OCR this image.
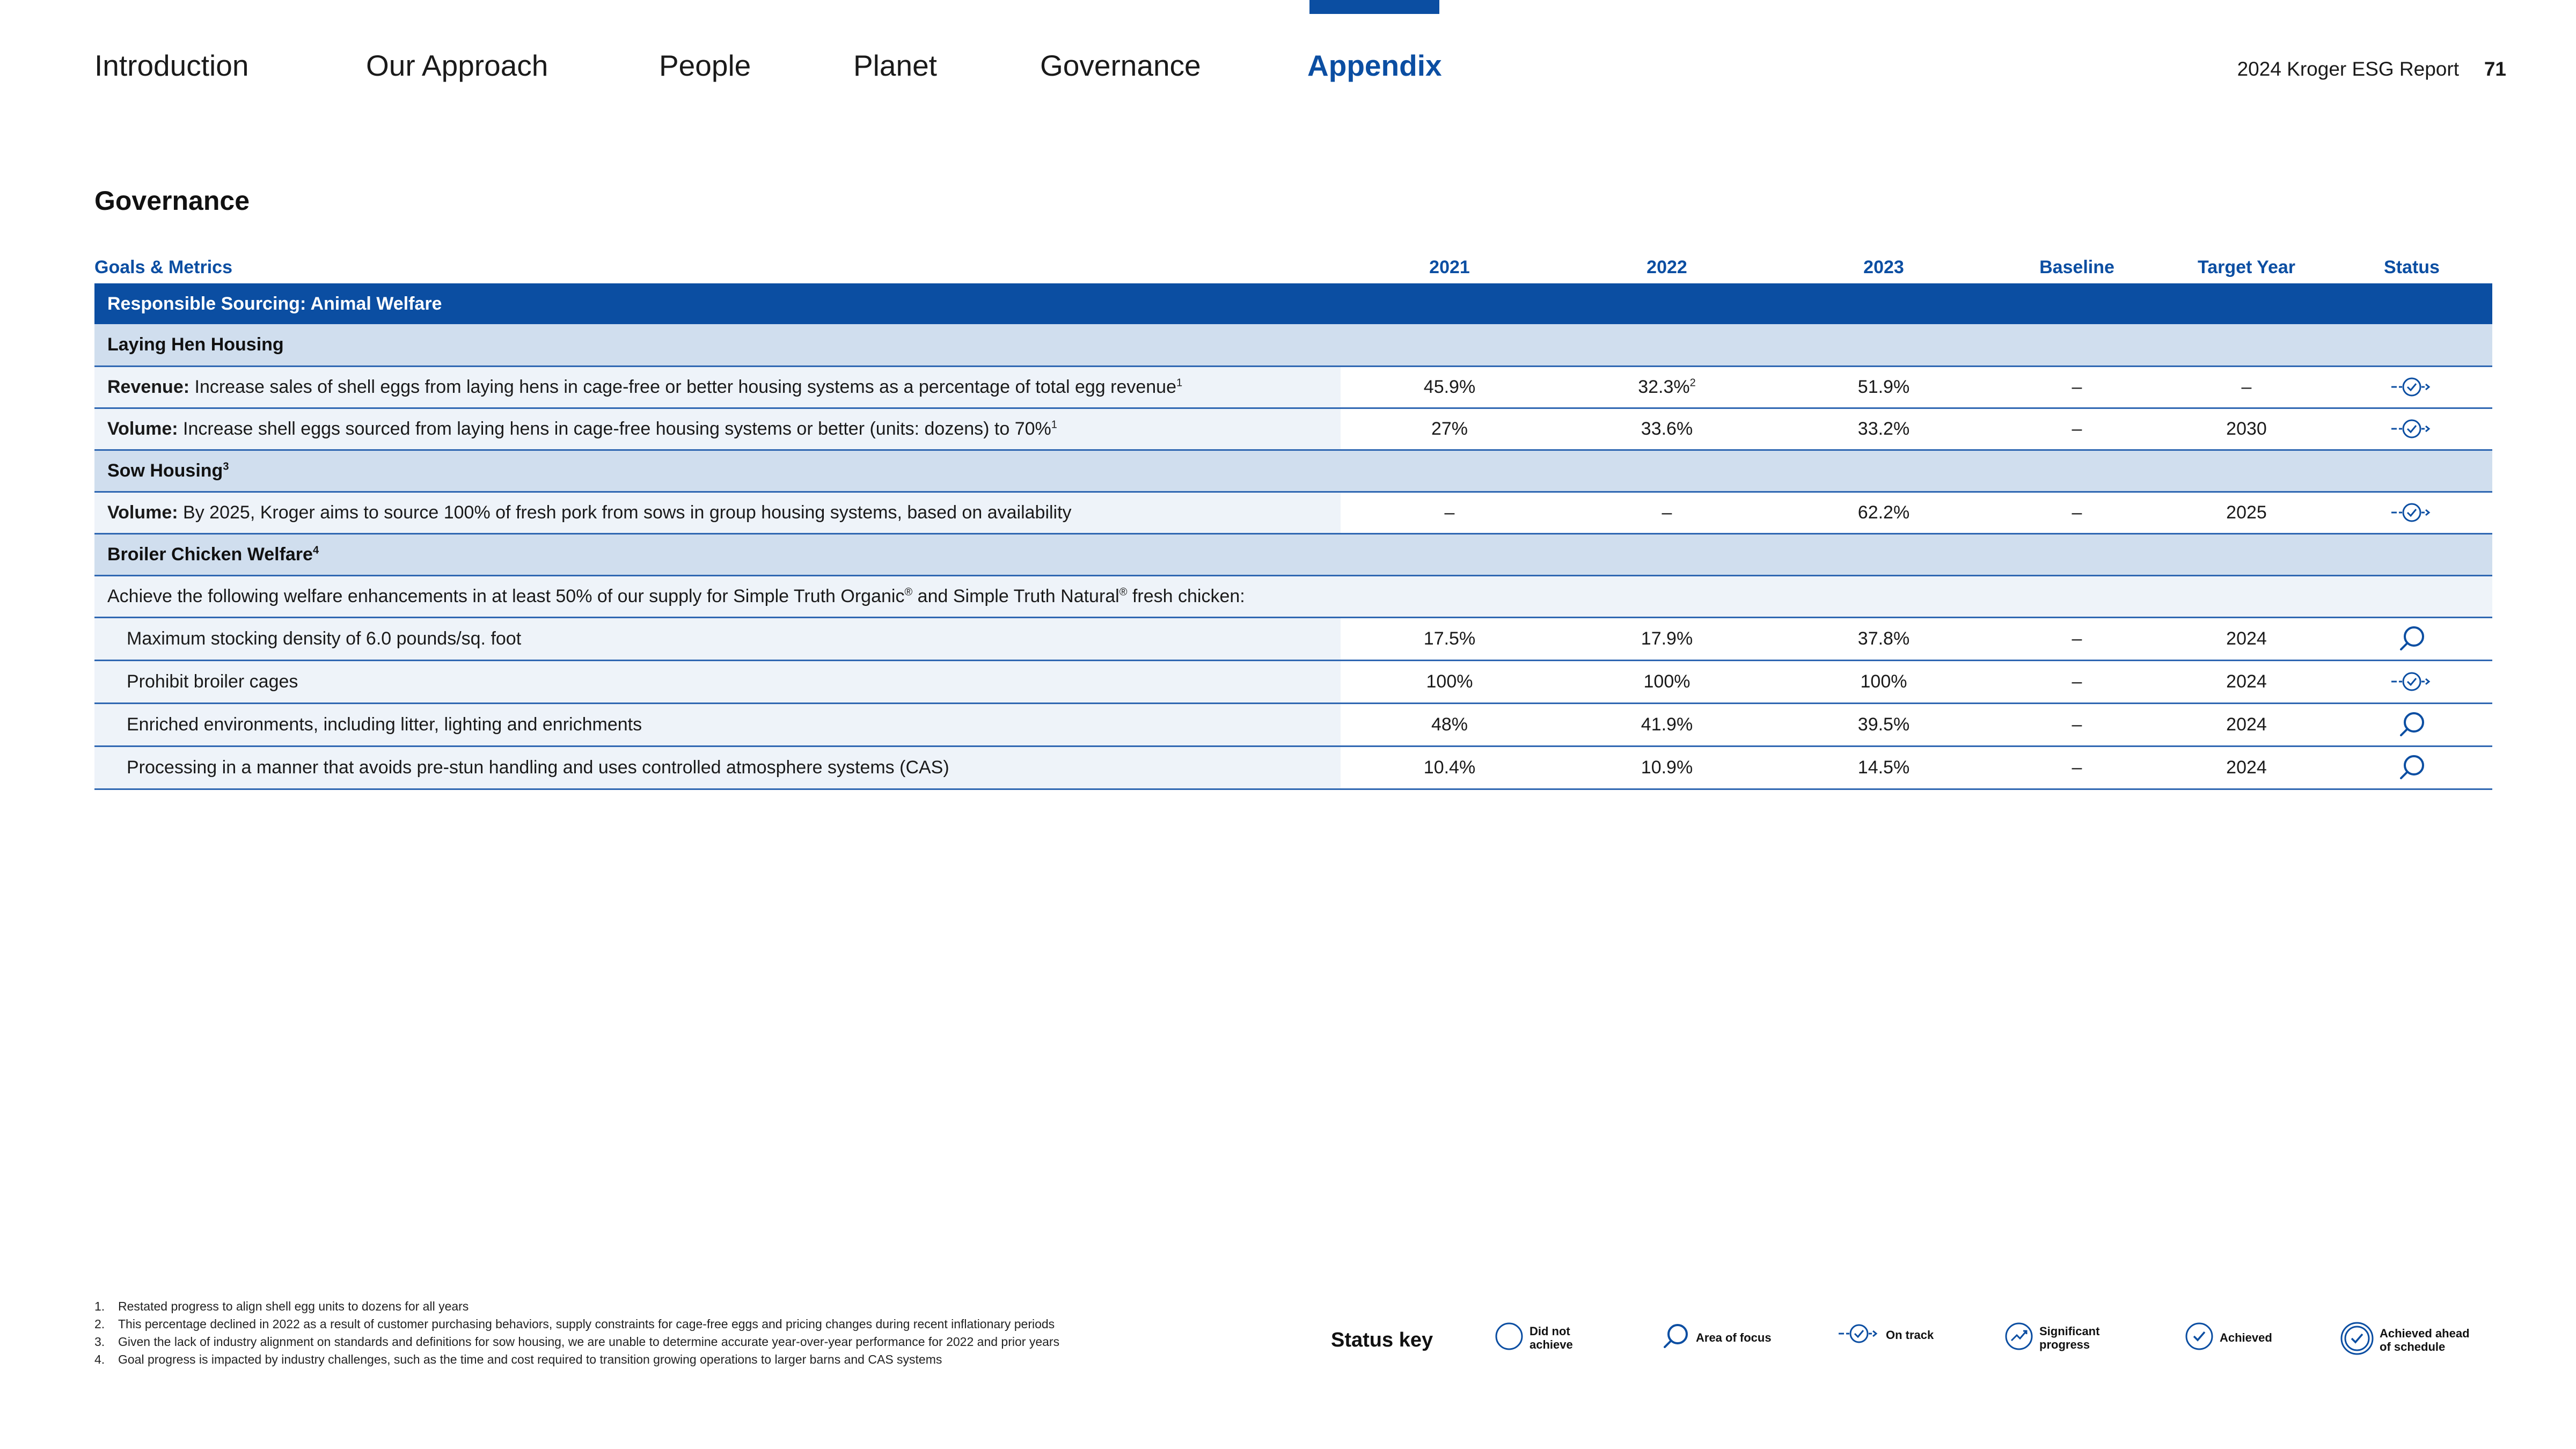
Introduction	Our Approach	People	Planet	Governance	Appendix	2024 Kroger ESG Report 71
Governance
Goals & Metrics	2021	2022	2023	Baseline	Target Year	Status
Responsible Sourcing: Animal Welfare						
Laying Hen Housing						
Revenue: Increase sales of shell eggs from laying hens in cage-free or better housing systems as a percentage of total egg revenue$^1$	45.9%	32.3%$^2$	51.9%	–	–	
Volume: Increase shell eggs sourced from laying hens in cage-free housing systems or better (units: dozens) to 70%$^1$	27%	33.6%	33.2%	–	2030	
Sow Housing$^3$
Volume: By 2025, Kroger aims to source 100% of fresh pork from sows in group housing systems, based on availability	–	–	62.2%	–	2025	
Broiler Chicken Welfare$^4$
Achieve the following welfare enhancements in at least 50% of our supply for Simple Truth Organic® and Simple Truth Natural® fresh chicken:						
Maximum stocking density of 6.0 pounds/sq. foot	17.5%	17.9%	37.8%	–	2024	
Prohibit broiler cages	100%	100%	100%	–	2024	
Enriched environments, including litter, lighting and enrichments	48%	41.9%	39.5%	–	2024	
Processing in a manner that avoids pre-stun handling and uses controlled atmosphere systems (CAS)	10.4%	10.9%	14.5%	–	2024	
1.	Restated progress to align shell egg units to dozens for all years
2.	This percentage declined in 2022 as a result of customer purchasing behaviors, supply constraints for cage-free eggs and pricing changes during recent inflationary periods
3.	Given the lack of industry alignment on standards and definitions for sow housing, we are unable to determine accurate year-over-year performance for 2022 and prior years
4.	Goal progress is impacted by industry challenges, such as the time and cost required to transition growing operations to larger barns and CAS systems
Status key	Did not
achieve	Area of focus	On track	Significant
progress	Achieved	Achieved ahead
of schedule
